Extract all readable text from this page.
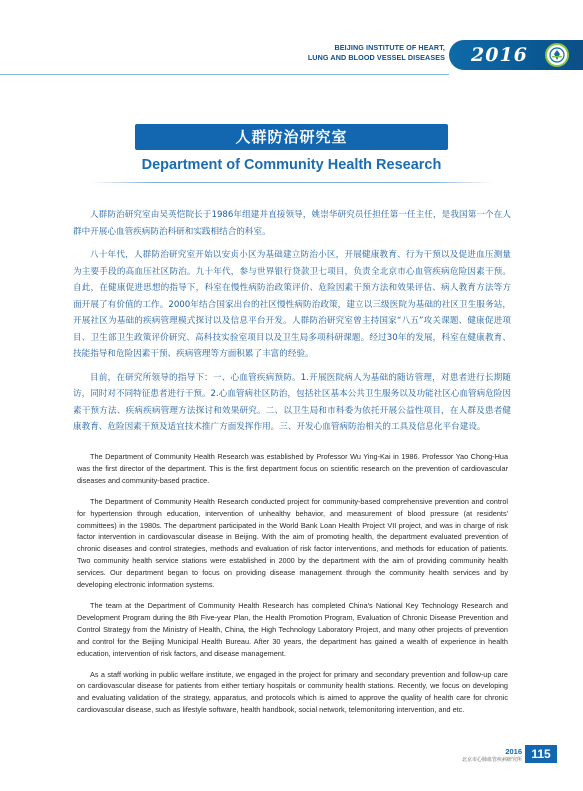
BEIJING INSTITUTE OF HEART,
LUNG AND BLOOD VESSEL DISEASES 2016
人群防治研究室
Department of Community Health Research

人群防治研究室由吴英恺院长于1986年组建并直接领导，姚崇华研究员任担任第一任主任，是我国第一个在人群中开展心血管疾病防治科研和实践相结合的科室。

八十年代，人群防治研究室开始以安贞小区为基础建立防治小区，开展健康教育、行为干预以及促进血压测量为主要手段的高血压社区防治。九十年代，参与世界银行贷款卫七项目，负责全北京市心血管疾病危险因素干预。自此，在健康促进思想的指导下，科室在慢性病防治政策评价、危险因素干预方法和效果评估、病人教育方法等方面开展了有价值的工作。2000年结合国家出台的社区慢性病防治政策，建立以三级医院为基础的社区卫生服务站，开展社区为基础的疾病管理模式探讨以及信息平台开发。人群防治研究室曾主持国家“八五”攻关课题、健康促进项目、卫生部卫生政策评价研究、高科技实验室项目以及卫生局多项科研课题。经过30年的发展，科室在健康教育、技能指导和危险因素干预、疾病管理等方面积累了丰富的经验。

目前，在研究所领导的指导下：一、心血管疾病预防。1.开展医院病人为基础的随访管理，对患者进行长期随访，同时对不同特征患者进行干预。2.心血管病社区防治，包括社区基本公共卫生服务以及功能社区心血管病危险因素干预方法、疾病疾病管理方法探讨和效果研究。二、以卫生局和市科委为依托开展公益性项目，在人群及患者健康教育、危险因素干预及适宜技术推广方面发挥作用。三、开发心血管病防治相关的工具及信息化平台建设。

The Department of Community Health Research was established by Professor Wu Ying-Kai in 1986. Professor Yao Chong-Hua was the first director of the department. This is the first department focus on scientific research on the prevention of cardiovascular diseases and community-based practice.

The Department of Community Health Research conducted project for community-based comprehensive prevention and control for hypertension through education, intervention of unhealthy behavior, and measurement of blood pressure (at residents' committees) in the 1980s. The department participated in the World Bank Loan Health Project VII project, and was in charge of risk factor intervention in cardiovascular disease in Beijing. With the aim of promoting health, the department evaluated prevention of chronic diseases and control strategies, methods and evaluation of risk factor interventions, and methods for education of patients. Two community health service stations were established in 2000 by the department with the aim of providing community health services. Our department began to focus on providing disease management through the community health services and by developing electronic information systems.

The team at the Department of Community Health Research has completed China's National Key Technology Research and Development Program during the 8th Five-year Plan, the Health Promotion Program, Evaluation of Chronic Disease Prevention and Control Strategy from the Ministry of Health, China, the High Technology Laboratory Project, and many other projects of prevention and control for the Beijing Municipal Health Bureau. After 30 years, the department has gained a wealth of experience in health education, intervention of risk factors, and disease management.

As a staff working in public welfare institute, we engaged in the project for primary and secondary prevention and follow-up care on cardiovascular disease for patients from either tertiary hospitals or community health stations. Recently, we focus on developing and evaluating validation of the strategy, apparatus, and protocols which is aimed to approve the quality of health care for chronic cardiovascular disease, such as lifestyle software, health handbook, social network, telemonitoring intervention, and etc.

2016
北京市心肺血管疾病研究所 115
